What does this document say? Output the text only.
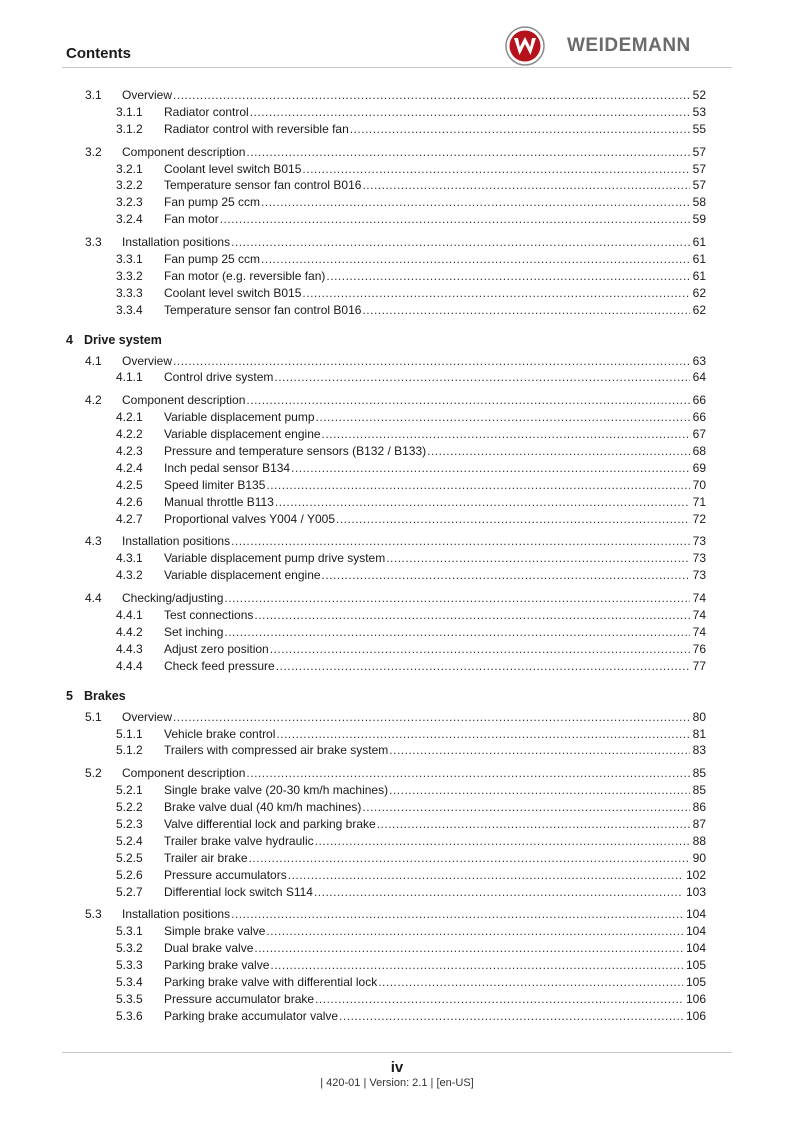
Contents	WEIDEMANN
3.1 Overview .....	52
3.1.1 Radiator control .....	53
3.1.2 Radiator control with reversible fan .....	55
3.2 Component description .....	57
3.2.1 Coolant level switch B015 .....	57
3.2.2 Temperature sensor fan control B016 .....	57
3.2.3 Fan pump 25 ccm .....	58
3.2.4 Fan motor .....	59
3.3 Installation positions .....	61
3.3.1 Fan pump 25 ccm .....	61
3.3.2 Fan motor (e.g. reversible fan) .....	61
3.3.3 Coolant level switch B015 .....	62
3.3.4 Temperature sensor fan control B016 .....	62
4 Drive system
4.1 Overview .....	63
4.1.1 Control drive system .....	64
4.2 Component description .....	66
4.2.1 Variable displacement pump .....	66
4.2.2 Variable displacement engine .....	67
4.2.3 Pressure and temperature sensors (B132 / B133) .....	68
4.2.4 Inch pedal sensor B134 .....	69
4.2.5 Speed limiter B135 .....	70
4.2.6 Manual throttle B113 .....	71
4.2.7 Proportional valves Y004 / Y005 .....	72
4.3 Installation positions .....	73
4.3.1 Variable displacement pump drive system .....	73
4.3.2 Variable displacement engine .....	73
4.4 Checking/adjusting .....	74
4.4.1 Test connections .....	74
4.4.2 Set inching .....	74
4.4.3 Adjust zero position .....	76
4.4.4 Check feed pressure .....	77
5 Brakes
5.1 Overview .....	80
5.1.1 Vehicle brake control .....	81
5.1.2 Trailers with compressed air brake system .....	83
5.2 Component description .....	85
5.2.1 Single brake valve (20-30 km/h machines) .....	85
5.2.2 Brake valve dual (40 km/h machines) .....	86
5.2.3 Valve differential lock and parking brake .....	87
5.2.4 Trailer brake valve hydraulic .....	88
5.2.5 Trailer air brake .....	90
5.2.6 Pressure accumulators .....	102
5.2.7 Differential lock switch S114 .....	103
5.3 Installation positions .....	104
5.3.1 Simple brake valve .....	104
5.3.2 Dual brake valve .....	104
5.3.3 Parking brake valve .....	105
5.3.4 Parking brake valve with differential lock .....	105
5.3.5 Pressure accumulator brake .....	106
5.3.6 Parking brake accumulator valve .....	106
iv
| 420-01 | Version: 2.1 | [en-US]
